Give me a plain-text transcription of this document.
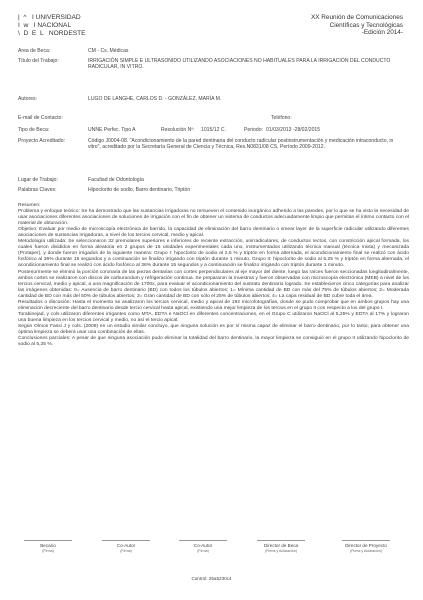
|  ^   I UNIVERSIDAD
I  w   I NACIONAL
\  D  E  L   NORDESTE
XX Reunión de Comunicaciones
Científicas y Tecnológicas
-Edición 2014-
Area de Beca:	CM - Cs. Médicas
Título del Trabajo:	IRRIGACIÓN SIMPLE E ULTRASONIDO UTILIZANDO ASOCIACIONES NO HABITUALES PARA LA IRRIGACIÓN DEL CONDUCTO RADICULAR, IN VITRO.
Autores:	LUGO DE LANGHE, CARLOS D. - GONZÁLEZ, MARÍA M.
E-mail de Contacto:	Teléfono:
Tipo de Beca:	UNNE Perfec. Tipo A	Resolución Nº: 1015/12 C.	Periodo: 01/03/2013 -28/02/2015
Proyecto Acreditado:	Código J0004-08. "Acondicionamiento de la pared dentinaria del conducto radicular postinstrumentación y medicación intraconducto, in vitro", acreditado por la Secretaría General de Ciencia y Técnica, Res.N0831/08 CS, Período 2009-2012.
Lugar de Trabajo:	Facultad de Odontología
Palabras Claves:	Hipoclorito de sodio, Barro dentinario, Triptón

Resumen:

Problema y enfoque teórico: Se ha demostrado que las sustancias irrigadoras no remueven el contenido inorgánico adherido a las paredes, por lo que se ha visto la necesidad de usar asociaciones diferentes asociaciones de soluciones de irrigación con el fin de obtener un sistema de conductos adecuadamente limpio que permitan el íntimo contacto con el material de obturación.

Objetivo: Evaluar por medio de microscopía electrónica de barrido, la capacidad de eliminación del barro dentinario o smear layer de la superficie radicular utilizando diferentes asociaciones de sustancias irrigadoras, a nivel de los tercios cervical, medio y apical.

Metodología utilizada: Se seleccionaron 32 premolares superiores e inferiores de reciente extracción, unirradiculares, de conductos rectos, con constricción apical formada, los cuales fueron divididos en forma aleatoria en 2 grupos de 16 unidades experimentales cada uno, instrumentados utilizando técnica manual (técnica mixta) y mecanizada (Protaper), y donde fueron irrigados de la siguiente manera: Grupo I: hipoclorito de sodio al 2,5 % y triptón en forma alternada, el acondicionamiento final se realizó con ácido fosfórico al 36% durante 15 segundos y a continuación se finalizo irrigando con triptón durante 1 minuto. Grupo II: hipoclorito de sodio al 5,25 % y triptón en forma alternada, el acondicionamiento final se realizó con ácido fosfórico al 36% durante 15 segundos y a continuación se finalizo irrigando con triptón durante 1 minuto.

Posteriormente se eliminó la porción coronaria de las piezas dentarias con cortes perpendiculares al eje mayor del diente, luego las raíces fueron seccionadas longitudinalmente, ambos cortes se realizaron con discos de carburundum y refrigeración continua. Se prepararon la muestras y fueron observadas con microscopía electrónica (MEB) a nivel de los tercios cervical, medio y apical, a una magnificación de 1700x, para evaluar el acondicionamiento del sustrato dentinario logrado. Se establecieron cinco categorías para analizar las imágenes obtenidas: 0= Ausencia de barro dentinario (BD) con todos los túbulos abiertos; 1= Mínima cantidad de BD con más del 75% de túbulos abiertos; 2= Moderada cantidad de BD con más del 50% de túbulos abiertos; 3= Gran cantidad de BD con sólo el 25% de túbulos abiertos; 4= La capa residual de BD cubre toda el área.

Resultados o discusión: Hasta el momento se analizaron los tercios cervical, medio y apical de 192 microfotografías, donde se pudo comprobar que en ambos grupos hay una eliminación decreciente del barro dentinario desde tercio cervical hasta apical, existiendo una mejor limpieza de los tercios en el grupo II con respecto a los del grupo I.

Torabinejad, y cols utilizaron diferentes irrigantes como MTA, EDTA e NaOCl en diferentes concentraciones, en el Grupo C utilizaron NaOCl al 5,25% y EDTA al 17% y lograron una buena limpieza en los tercios cervical y medio, no así el tercio apical.

Según Olmos Fassi J y cols. (2009) en un estudio similar concluyo, que ninguna solución es por sí misma capaz de eliminar el barro dentinario, por lo tanto, para obtener una óptima limpieza se deberá usar una combinación de ellas.

Conclusiones parciales: A pesar de que ninguna asociación pudo eliminar la totalidad del barro dentinario, la mayor limpieza se consiguió en el grupo II utilizando hipoclorito de sodio al 5,25 %.

Becario
(Firma)
Co-Autor
(Firma)
Co-Autor
(Firma)
Director de Beca
(Firma y Aclaración)
Director de Proyecto
(Firma y Aclaración)
Control: 25a5230c4
